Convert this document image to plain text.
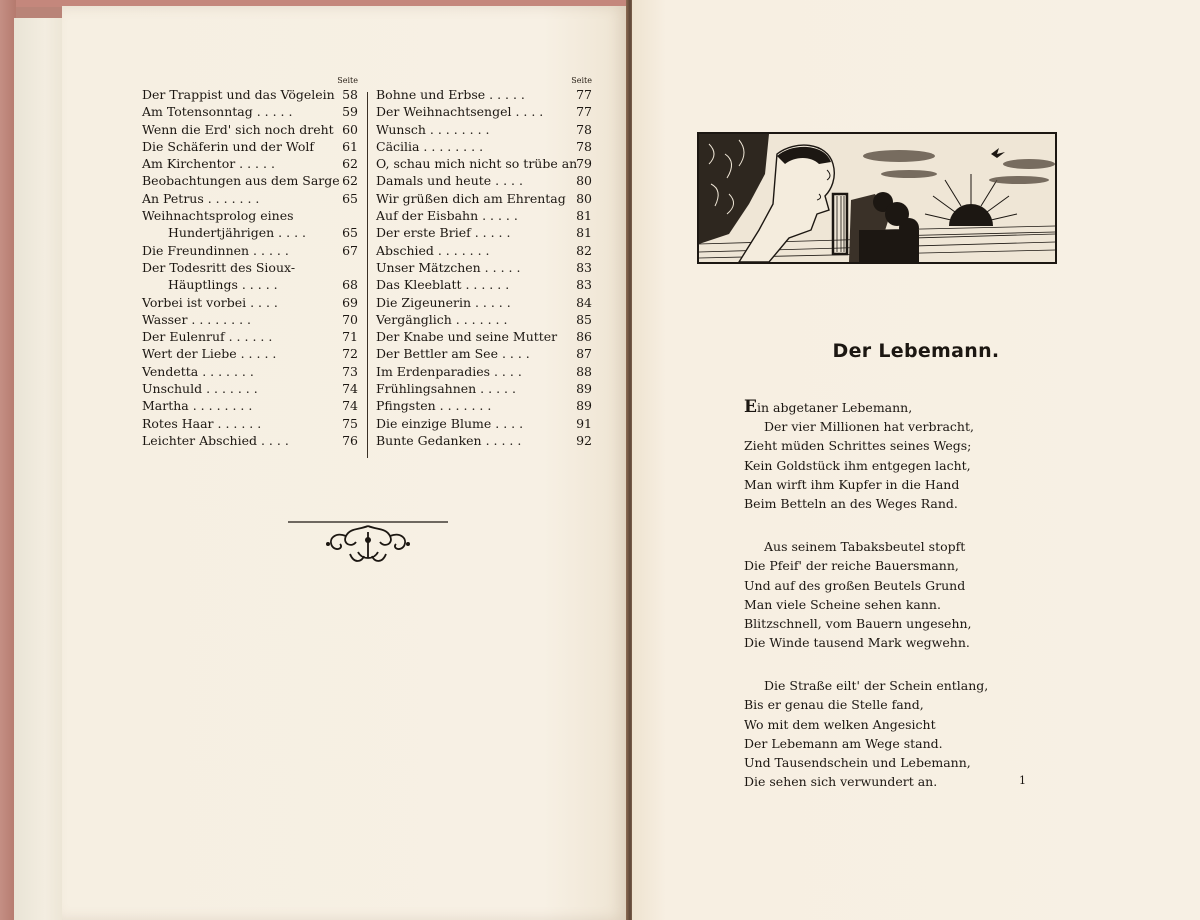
Seite
Der Trappist und das Vögelein 58
Am Totensonntag . . . . .	59
Wenn die Erd' sich noch dreht 60
Die Schäferin und der Wolf	61
Am Kirchentor . . . . .	62
Beobachtungen aus dem Sarge 62
An Petrus . . . . . . .	65
Weihnachtsprolog eines
Hundertjährigen . . . .	65
Die Freundinnen . . . . .	67
Der Todesritt des Sioux-
Häuptlings . . . . .	68
Vorbei ist vorbei . . . .	69
Wasser . . . . . . . .	70
Der Eulenruf . . . . . .	71
Wert der Liebe . . . . .	72
Vendetta . . . . . . .	73
Unschuld . . . . . . .	74
Martha . . . . . . . .	74
Rotes Haar . . . . . .	75
Leichter Abschied . . . .	76
Seite
Bohne und Erbse . . . . .	77
Der Weihnachtsengel . . . .	77
Wunsch . . . . . . . .	78
Cäcilia . . . . . . . .	78
O, schau mich nicht so trübe an
79
Damals und heute . . . .	80
Wir grüßen dich am Ehrentag 80
Auf der Eisbahn . . . . .	81
Der erste Brief . . . . .	81
Abschied . . . . . . .	82
Unser Mätzchen . . . . .	83
Das Kleeblatt . . . . . .	83
Die Zigeunerin . . . . .	84
Vergänglich . . . . . . .	85
Der Knabe und seine Mutter	86
Der Bettler am See . . . .	87
Im Erdenparadies . . . .	88
Frühlingsahnen . . . . .	89
Pfingsten . . . . . . .	89
Die einzige Blume . . . .	91
Bunte Gedanken . . . . .	92
Der Lebemann.
Ein abgetaner Lebemann,
Der vier Millionen hat verbracht,
Zieht müden Schrittes seines Wegs;
Kein Goldstück ihm entgegen lacht,
Man wirft ihm Kupfer in die Hand
Beim Betteln an des Weges Rand.
Aus seinem Tabaksbeutel stopft
Die Pfeif' der reiche Bauersmann,
Und auf des großen Beutels Grund
Man viele Scheine sehen kann.
Blitzschnell, vom Bauern ungesehn,
Die Winde tausend Mark wegwehn.
Die Straße eilt' der Schein entlang,
Bis er genau die Stelle fand,
Wo mit dem welken Angesicht
Der Lebemann am Wege stand.
Und Tausendschein und Lebemann,
Die sehen sich verwundert an.	1
